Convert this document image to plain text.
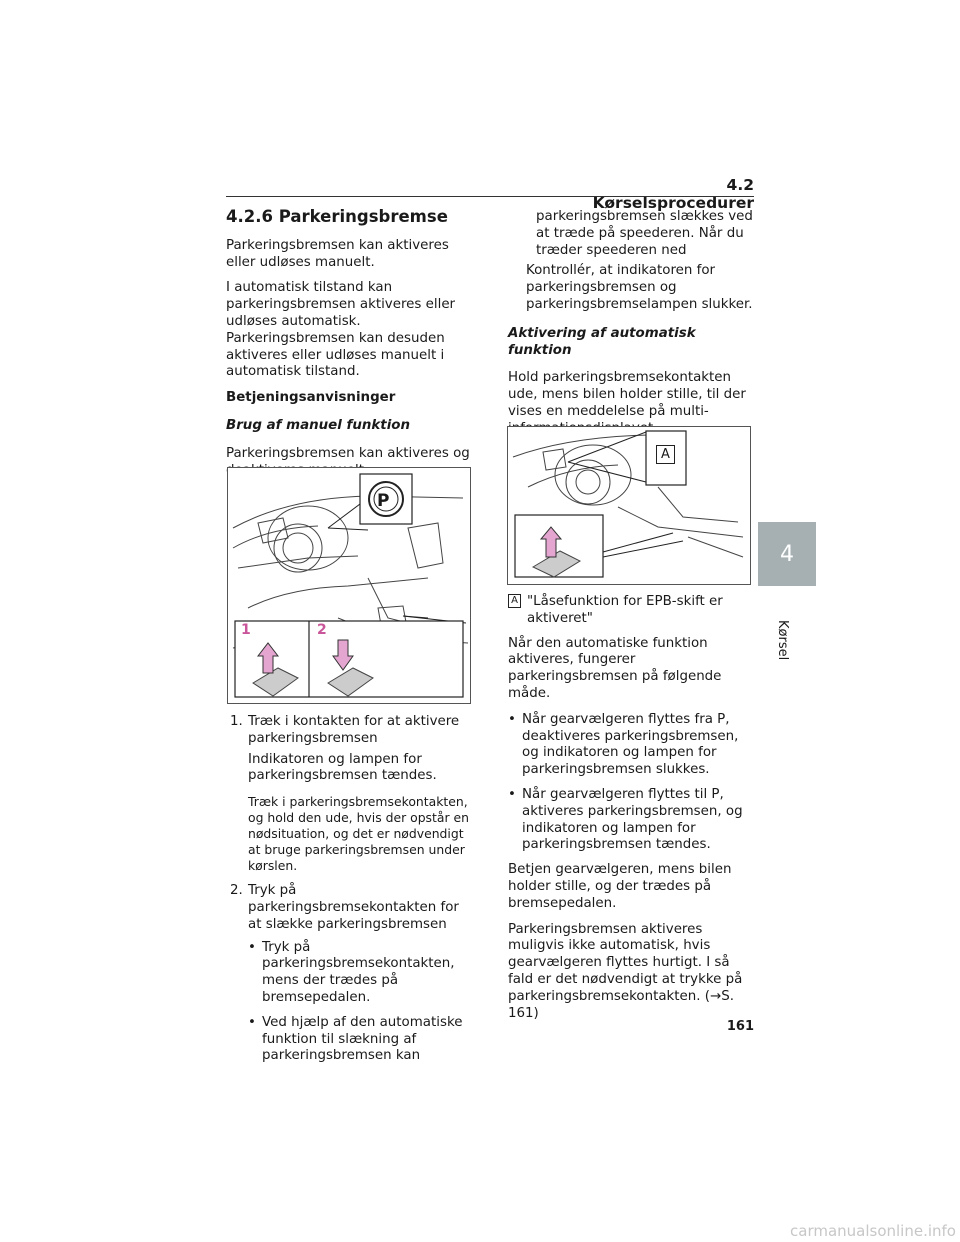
4.2 Kørselsprocedurer
4.2.6 Parkeringsbremse

Parkeringsbremsen kan aktiveres eller udløses manuelt.

I automatisk tilstand kan parkeringsbremsen aktiveres eller udløses automatisk. Parkeringsbremsen kan desuden aktiveres eller udløses manuelt i automatisk tilstand.

Betjeningsanvisninger
Brug af manuel funktion

Parkeringsbremsen kan aktiveres og

P
1	2
1. Træk i kontakten for at aktivere parkeringsbremsen

Indikatoren og lampen for parkeringsbremsen tændes.

Træk i parkeringsbremsekontakten, og hold den ude, hvis der opstår en nødsituation, og det er nødvendigt at bruge parkeringsbremsen under kørslen.

2. Tryk på parkeringsbremsekontakten for at slække parkeringsbremsen
• Tryk på parkeringsbremsekontakten, mens der trædes på bremsepedalen.
• Ved hjælp af den automatiske funktion til slækning af parkeringsbremsen kan

parkeringsbremsen slækkes ved at træde på speederen. Når du træder speederen ned

Kontrollér, at indikatoren for parkeringsbremsen og parkeringsbremselampen slukker.

Aktivering af automatisk funktion

Hold parkeringsbremsekontakten ude, mens bilen holder stille, til der vises en meddelelse på multi-

A
A "Låsefunktion for EPB-skift er aktiveret"

Når den automatiske funktion aktiveres, fungerer parkeringsbremsen på følgende måde.

• Når gearvælgeren flyttes fra P, deaktiveres parkeringsbremsen, og indikatoren og lampen for parkeringsbremsen slukkes.
• Når gearvælgeren flyttes til P, aktiveres parkeringsbremsen, og indikatoren og lampen for parkeringsbremsen tændes.

Betjen gearvælgeren, mens bilen holder stille, og der trædes på bremsepedalen.

Parkeringsbremsen aktiveres muligvis ikke automatisk, hvis gearvælgeren flyttes hurtigt. I så fald er det nødvendigt at trykke på parkeringsbremsekontakten. (→S. 161)

4
Kørsel
161
carmanualsonline.info
